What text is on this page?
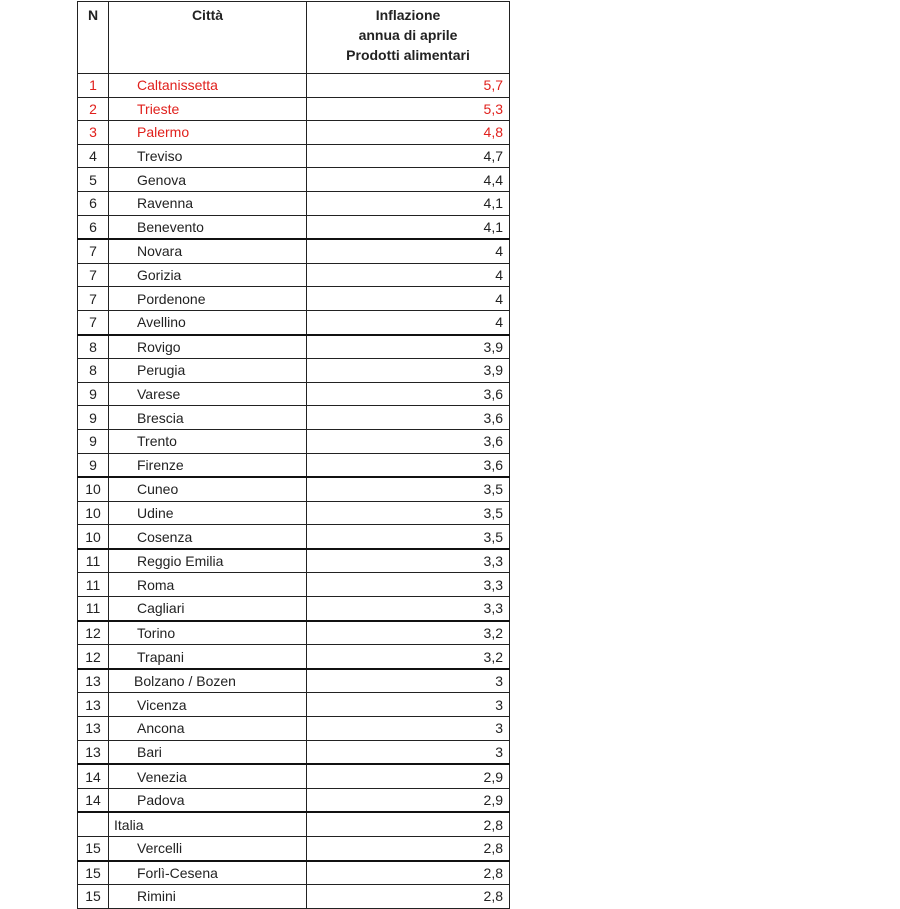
N	Città	Inflazione
annua di aprile
Prodotti alimentari

1	Caltanissetta	5,7
2	Trieste	5,3
3	Palermo	4,8
4	Treviso	4,7
5	Genova	4,4
6	Ravenna	4,1
6	Benevento	4,1
7	Novara	4
7	Gorizia	4
7	Pordenone	4
7	Avellino	4
8	Rovigo	3,9
8	Perugia	3,9
9	Varese	3,6
9	Brescia	3,6
9	Trento	3,6
9	Firenze	3,6
10	Cuneo	3,5
10	Udine	3,5
10	Cosenza	3,5
11	Reggio Emilia	3,3
11	Roma	3,3
11	Cagliari	3,3
12	Torino	3,2
12	Trapani	3,2
13	Bolzano / Bozen	3
13	Vicenza	3
13	Ancona	3
13	Bari	3
14	Venezia	2,9
14	Padova	2,9
	Italia	2,8
15	Vercelli	2,8
15	Forlì-Cesena	2,8
15	Rimini	2,8
